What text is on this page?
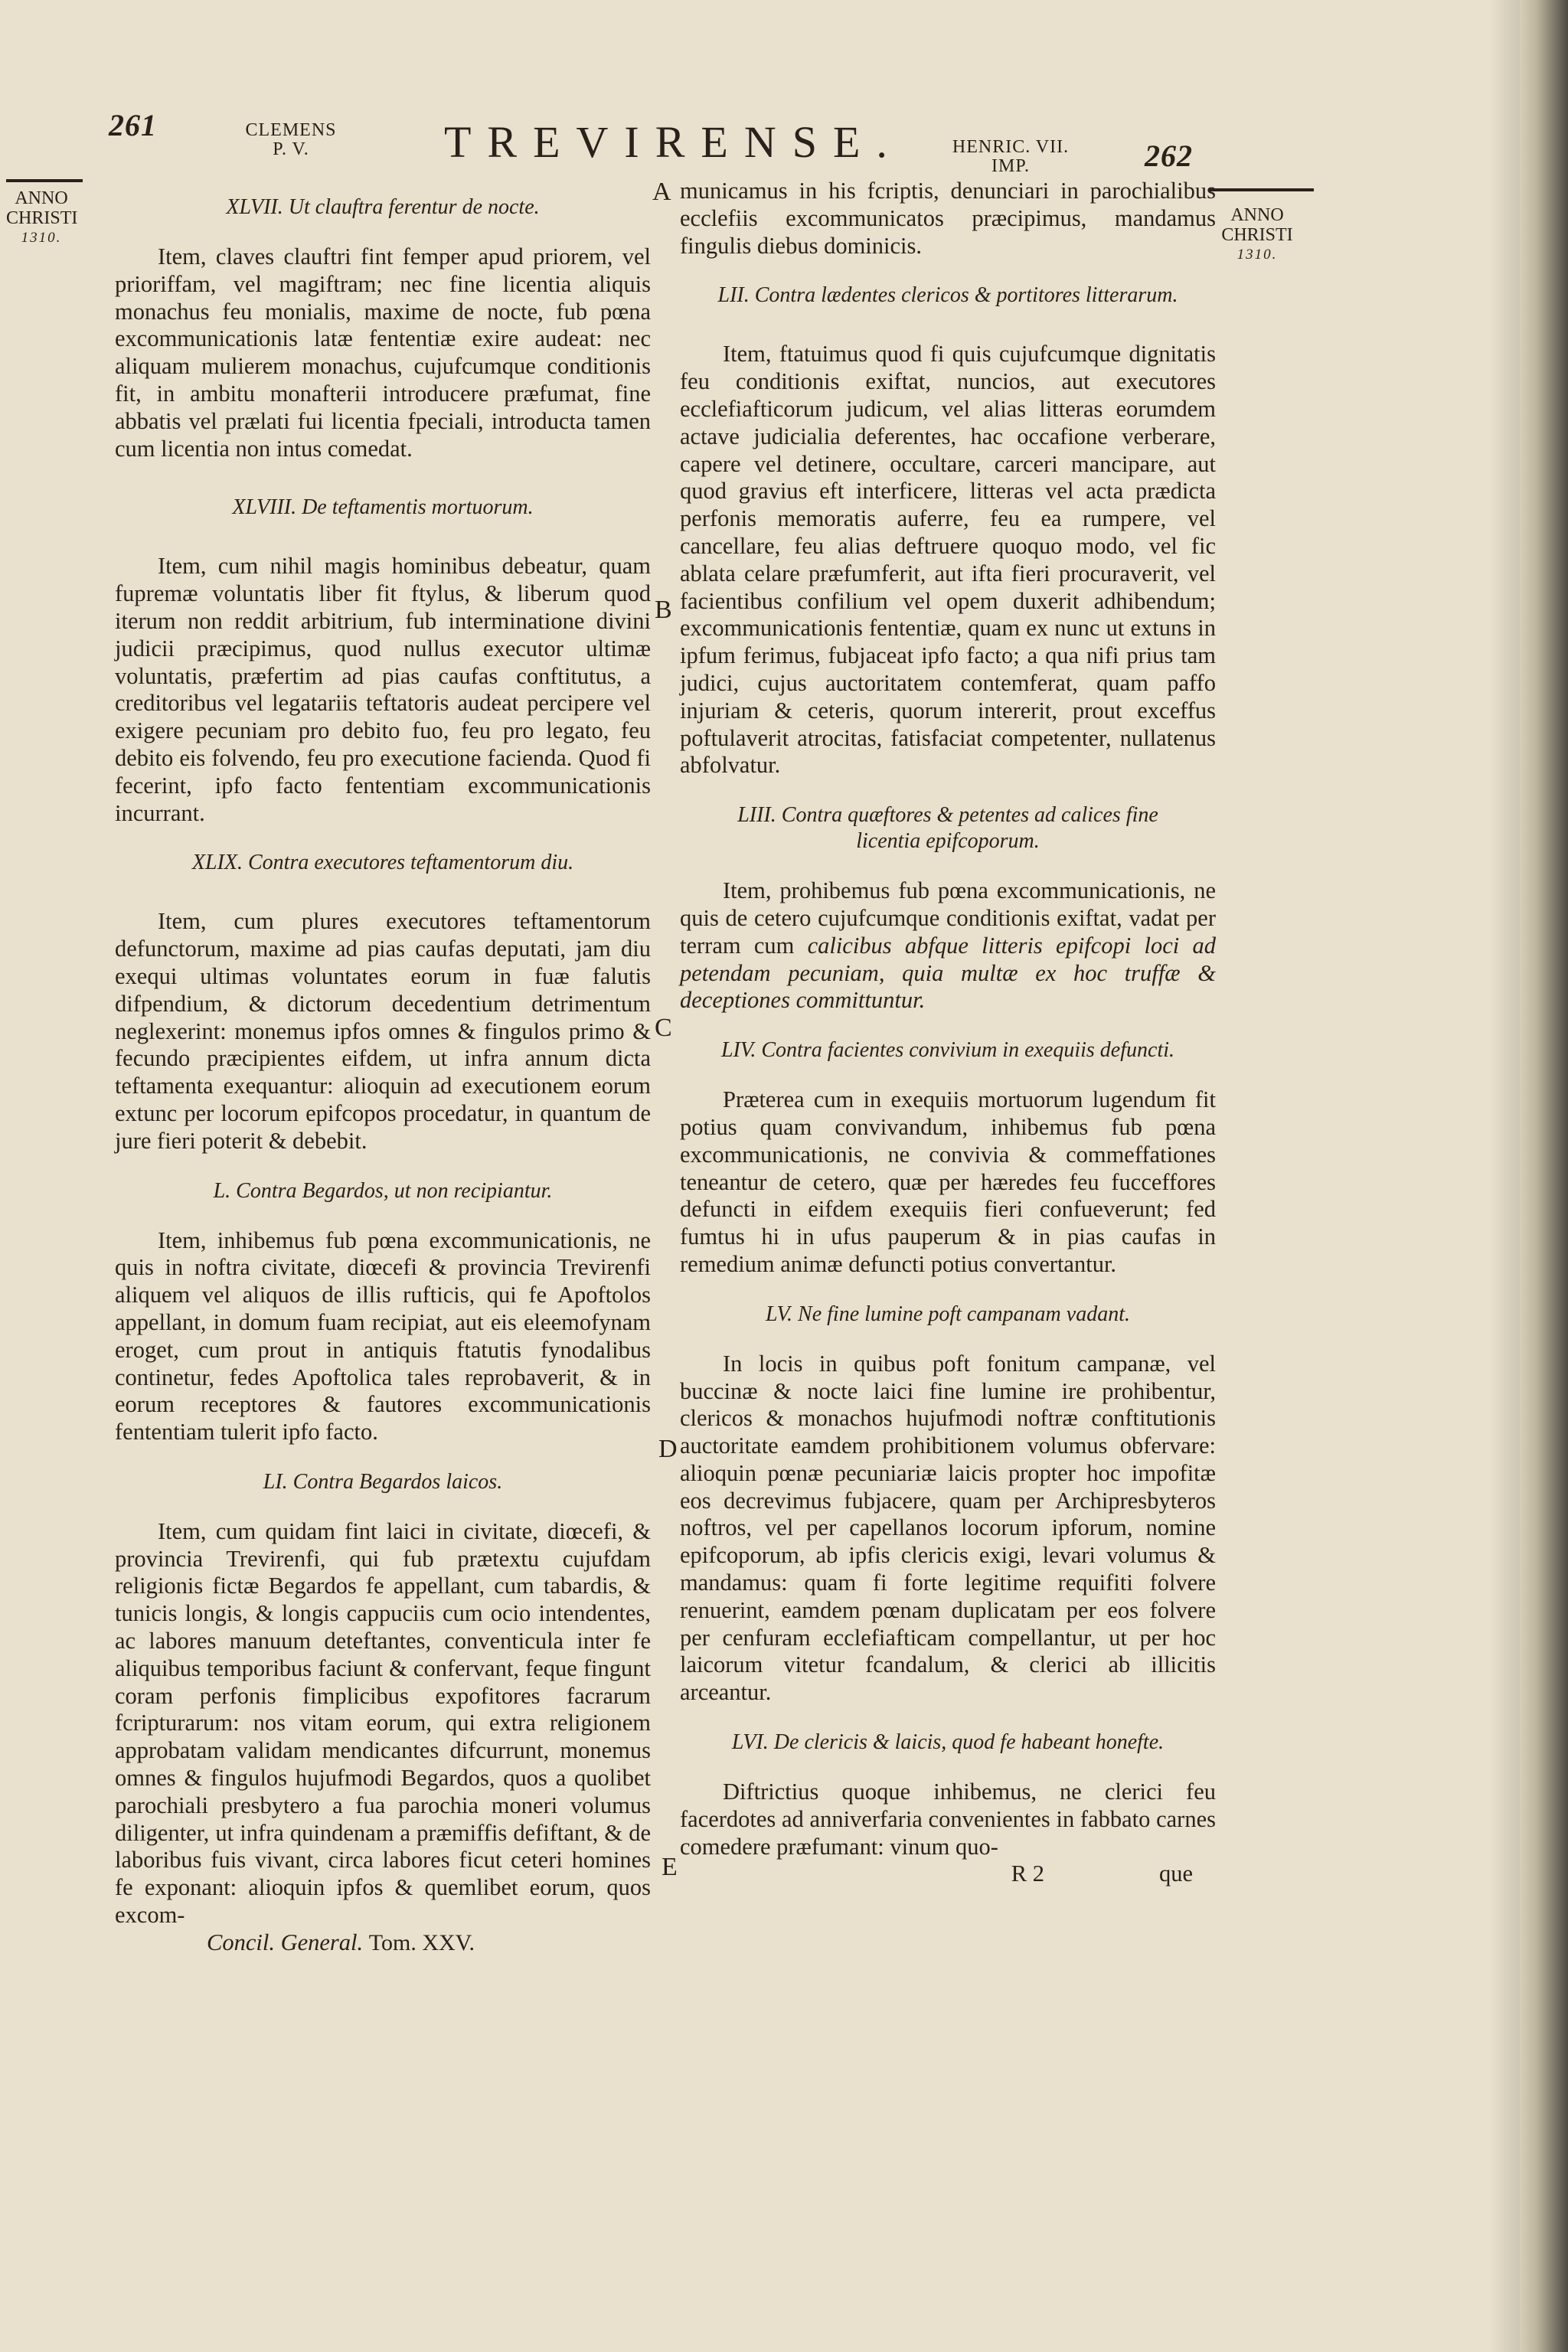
261	CLEMENS
P. V.	TREVIRENSE.	HENRIC. VII.
IMP.	262
ANNO
CHRISTI
1310.
ANNO
CHRISTI
1310.
A
B
C
D
E
XLVII. Ut clauftra ferentur de nocte.

Item, claves clauftri fint femper apud priorem, vel prioriffam, vel magiftram; nec fine licentia aliquis monachus feu monialis, maxime de nocte, fub pœna excommunicationis latæ fententiæ exire audeat: nec aliquam mulierem monachus, cujufcumque conditionis fit, in ambitu monafterii introducere præfumat, fine abbatis vel prælati fui licentia fpeciali, introducta tamen cum licentia non intus comedat.

XLVIII. De teftamentis mortuorum.

Item, cum nihil magis hominibus debeatur, quam fupremæ voluntatis liber fit ftylus, & liberum quod iterum non reddit arbitrium, fub interminatione divini judicii præcipimus, quod nullus executor ultimæ voluntatis, præfertim ad pias caufas conftitutus, a creditoribus vel legatariis teftatoris audeat percipere vel exigere pecuniam pro debito fuo, feu pro legato, feu debito eis folvendo, feu pro executione facienda. Quod fi fecerint, ipfo facto fententiam excommunicationis incurrant.

XLIX. Contra executores teftamentorum diu.

Item, cum plures executores teftamentorum defunctorum, maxime ad pias caufas deputati, jam diu exequi ultimas voluntates eorum in fuæ falutis difpendium, & dictorum decedentium detrimentum neglexerint: monemus ipfos omnes & fingulos primo & fecundo præcipientes eifdem, ut infra annum dicta teftamenta exequantur: alioquin ad executionem eorum extunc per locorum epifcopos procedatur, in quantum de jure fieri poterit & debebit.

L. Contra Begardos, ut non recipiantur.

Item, inhibemus fub pœna excommunicationis, ne quis in noftra civitate, diœcefi & provincia Trevirenfi aliquem vel aliquos de illis rufticis, qui fe Apoftolos appellant, in domum fuam recipiat, aut eis eleemofynam eroget, cum prout in antiquis ftatutis fynodalibus continetur, fedes Apoftolica tales reprobaverit, & in eorum receptores & fautores excommunicationis fententiam tulerit ipfo facto.

LI. Contra Begardos laicos.

Item, cum quidam fint laici in civitate, diœcefi, & provincia Trevirenfi, qui fub prætextu cujufdam religionis fictæ Begardos fe appellant, cum tabardis, & tunicis longis, & longis cappuciis cum ocio intendentes, ac labores manuum deteftantes, conventicula inter fe aliquibus temporibus faciunt & confervant, feque fingunt coram perfonis fimplicibus expofitores facrarum fcripturarum: nos vitam eorum, qui extra religionem approbatam validam mendicantes difcurrunt, monemus omnes & fingulos hujufmodi Begardos, quos a quolibet parochiali presbytero a fua parochia moneri volumus diligenter, ut infra quindenam a præmiffis defiftant, & de laboribus fuis vivant, circa labores ficut ceteri homines fe exponant: alioquin ipfos & quemlibet eorum, quos excom-

Concil. General. Tom. XXV.

municamus in his fcriptis, denunciari in parochialibus ecclefiis excommunicatos præcipimus, mandamus fingulis diebus dominicis.

LII. Contra lædentes clericos & portitores litterarum.

Item, ftatuimus quod fi quis cujufcumque dignitatis feu conditionis exiftat, nuncios, aut executores ecclefiafticorum judicum, vel alias litteras eorumdem actave judicialia deferentes, hac occafione verberare, capere vel detinere, occultare, carceri mancipare, aut quod gravius eft interficere, litteras vel acta prædicta perfonis memoratis auferre, feu ea rumpere, vel cancellare, feu alias deftruere quoquo modo, vel fic ablata celare præfumferit, aut ifta fieri procuraverit, vel facientibus confilium vel opem duxerit adhibendum; excommunicationis fententiæ, quam ex nunc ut extuns in ipfum ferimus, fubjaceat ipfo facto; a qua nifi prius tam judici, cujus auctoritatem contemferat, quam paffo injuriam & ceteris, quorum intererit, prout exceffus poftulaverit atrocitas, fatisfaciat competenter, nullatenus abfolvatur.

LIII. Contra quæftores & petentes ad calices fine licentia epifcoporum.

Item, prohibemus fub pœna excommunicationis, ne quis de cetero cujufcumque conditionis exiftat, vadat per terram cum calicibus abfque litteris epifcopi loci ad petendam pecuniam, quia multæ ex hoc truffæ & deceptiones committuntur.

LIV. Contra facientes convivium in exequiis defuncti.

Præterea cum in exequiis mortuorum lugendum fit potius quam convivandum, inhibemus fub pœna excommunicationis, ne convivia & commeffationes teneantur de cetero, quæ per hæredes feu fucceffores defuncti in eifdem exequiis fieri confueverunt; fed fumtus hi in ufus pauperum & in pias caufas in remedium animæ defuncti potius convertantur.

LV. Ne fine lumine poft campanam vadant.

In locis in quibus poft fonitum campanæ, vel buccinæ & nocte laici fine lumine ire prohibentur, clericos & monachos hujufmodi noftræ conftitutionis auctoritate eamdem prohibitionem volumus obfervare: alioquin pœnæ pecuniariæ laicis propter hoc impofitæ eos decrevimus fubjacere, quam per Archipresbyteros noftros, vel per capellanos locorum ipforum, nomine epifcoporum, ab ipfis clericis exigi, levari volumus & mandamus: quam fi forte legitime requifiti folvere renuerint, eamdem pœnam duplicatam per eos folvere per cenfuram ecclefiafticam compellantur, ut per hoc laicorum vitetur fcandalum, & clerici ab illicitis arceantur.

LVI. De clericis & laicis, quod fe habeant honefte.

Diftrictius quoque inhibemus, ne clerici feu facerdotes ad anniverfaria convenientes in fabbato carnes comedere præfumant: vinum quo-

R 2	que
